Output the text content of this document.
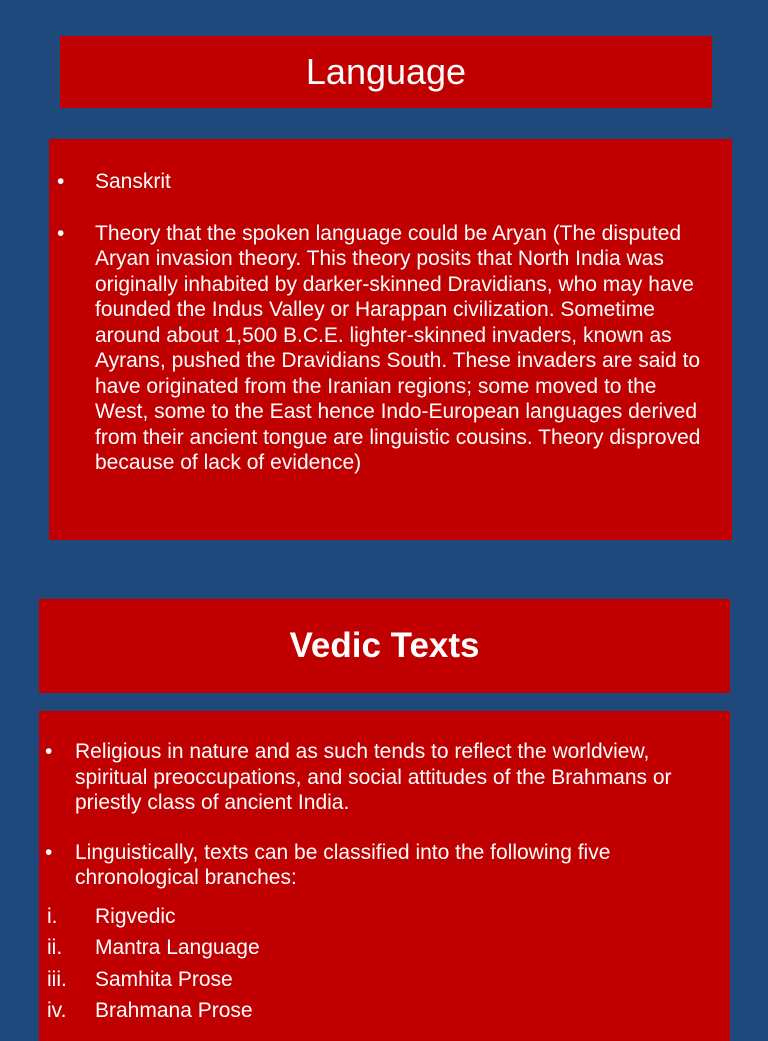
Language
• Sanskrit
• Theory that the spoken language could be Aryan (The disputed Aryan invasion theory. This theory posits that North India was originally inhabited by darker-skinned Dravidians, who may have founded the Indus Valley or Harappan civilization. Sometime around about 1,500 B.C.E. lighter-skinned invaders, known as Ayrans, pushed the Dravidians South. These invaders are said to have originated from the Iranian regions; some moved to the West, some to the East hence Indo-European languages derived from their ancient tongue are linguistic cousins. Theory disproved because of lack of evidence)
Vedic Texts
• Religious in nature and as such tends to reflect the worldview, spiritual preoccupations, and social attitudes of the Brahmans or priestly class of ancient India.
• Linguistically, texts can be classified into the following five chronological branches:
i. Rigvedic
ii. Mantra Language
iii. Samhita Prose
iv. Brahmana Prose
